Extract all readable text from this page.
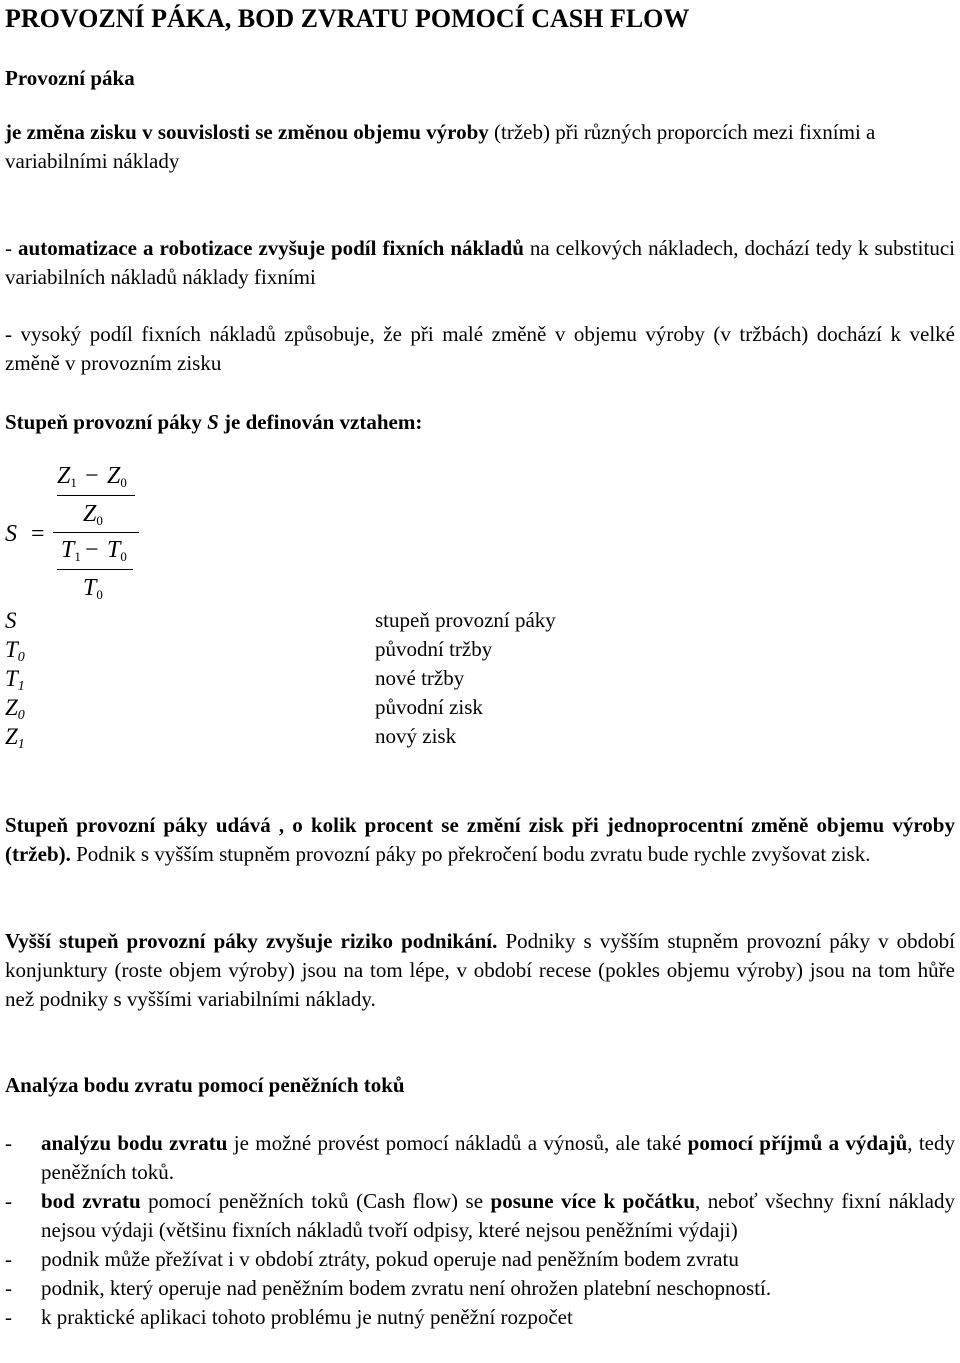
PROVOZNÍ PÁKA, BOD ZVRATU POMOCÍ CASH FLOW

Provozní páka

je změna zisku v souvislosti se změnou objemu výroby (tržeb) při různých proporcích mezi fixními a variabilními náklady

- automatizace a robotizace zvyšuje podíl fixních nákladů na celkových nákladech, dochází tedy k substituci variabilních nákladů náklady fixními

- vysoký podíl fixních nákladů způsobuje, že při malé změně v objemu výroby (v tržbách) dochází k velké změně v provozním zisku

Stupeň provozní páky S je definován vztahem:

S =
$Z_1 - Z_0$
$Z_0$
$T_1 - T_0$
$T_0$
S	stupeň provozní páky
$T_0$	původní tržby
$T_1$	nové tržby
$Z_0$	původní zisk
$Z_1$	nový zisk

Stupeň provozní páky udává , o kolik procent se změní zisk při jednoprocentní změně objemu výroby (tržeb). Podnik s vyšším stupněm provozní páky po překročení bodu zvratu bude rychle zvyšovat zisk.

Vyšší stupeň provozní páky zvyšuje riziko podnikání. Podniky s vyšším stupněm provozní páky v období konjunktury (roste objem výroby) jsou na tom lépe, v období recese (pokles objemu výroby) jsou na tom hůře než podniky s vyššími variabilními náklady.

Analýza bodu zvratu pomocí peněžních toků

- analýzu bodu zvratu je možné provést pomocí nákladů a výnosů, ale také pomocí příjmů a výdajů, tedy peněžních toků.
- bod zvratu pomocí peněžních toků (Cash flow) se posune více k počátku, neboť všechny fixní náklady nejsou výdaji (většinu fixních nákladů tvoří odpisy, které nejsou peněžními výdaji)
- podnik může přežívat i v období ztráty, pokud operuje nad peněžním bodem zvratu
- podnik, který operuje nad peněžním bodem zvratu není ohrožen platební neschopností.
- k praktické aplikaci tohoto problému je nutný peněžní rozpočet
